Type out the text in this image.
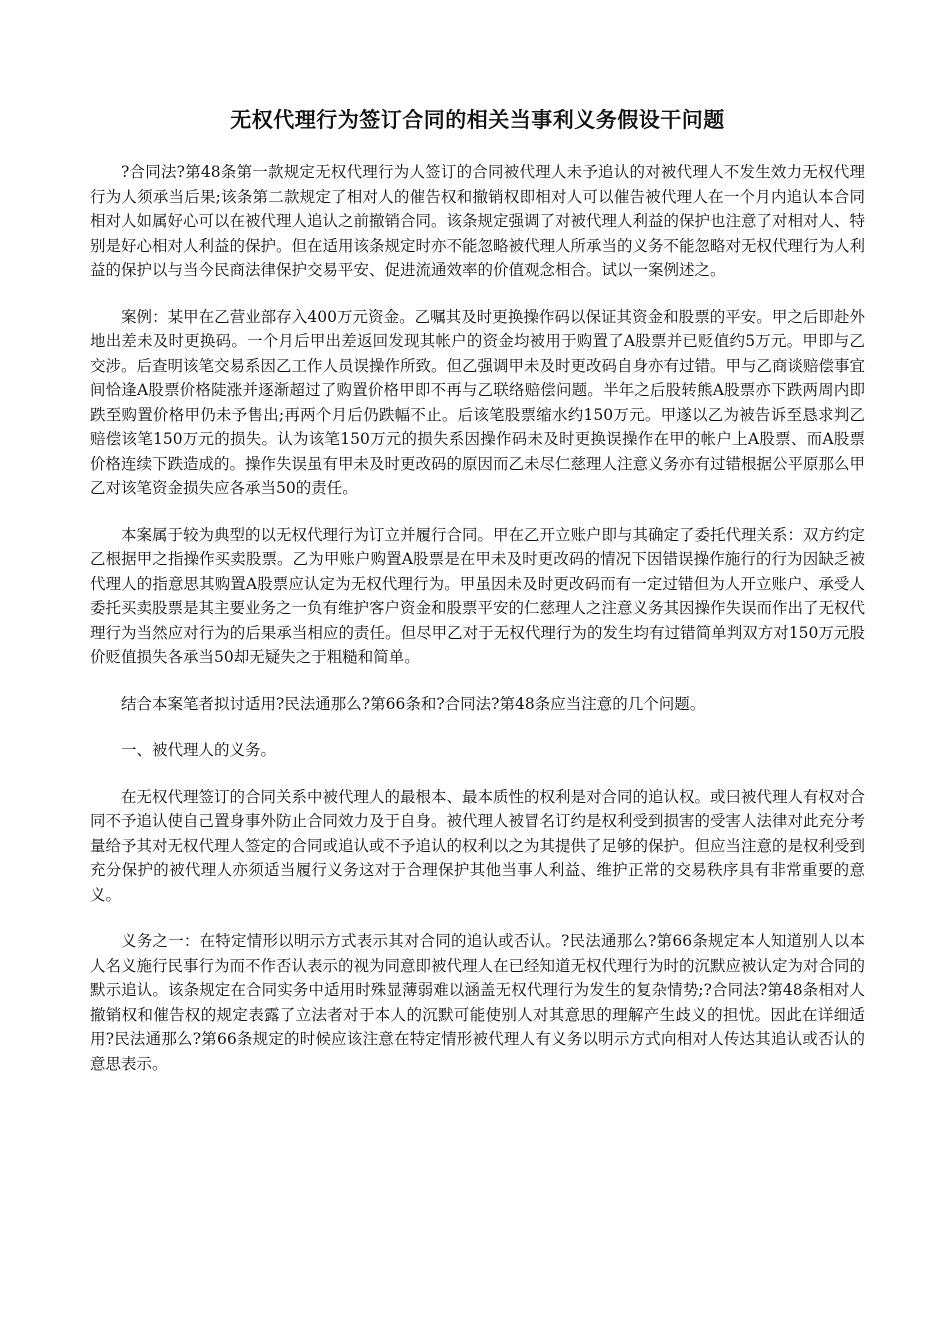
无权代理行为签订合同的相关当事利义务假设干问题

?合同法?第48条第一款规定无权代理行为人签订的合同被代理人未予追认的对被代理人不发生效力无权代理行为人须承当后果;该条第二款规定了相对人的催告权和撤销权即相对人可以催告被代理人在一个月内追认本合同相对人如属好心可以在被代理人追认之前撤销合同。该条规定强调了对被代理人利益的保护也注意了对相对人、特别是好心相对人利益的保护。但在适用该条规定时亦不能忽略被代理人所承当的义务不能忽略对无权代理行为人利益的保护以与当今民商法律保护交易平安、促进流通效率的价值观念相合。试以一案例述之。

案例：某甲在乙营业部存入400万元资金。乙嘱其及时更换操作码以保证其资金和股票的平安。甲之后即赴外地出差未及时更换码。一个月后甲出差返回发现其帐户的资金均被用于购置了A股票并已贬值约5万元。甲即与乙交涉。后查明该笔交易系因乙工作人员误操作所致。但乙强调甲未及时更改码自身亦有过错。甲与乙商谈赔偿事宜间恰逢A股票价格陡涨并逐渐超过了购置价格甲即不再与乙联络赔偿问题。半年之后股转熊A股票亦下跌两周内即跌至购置价格甲仍未予售出;再两个月后仍跌幅不止。后该笔股票缩水约150万元。甲遂以乙为被告诉至恳求判乙赔偿该笔150万元的损失。认为该笔150万元的损失系因操作码未及时更换误操作在甲的帐户上A股票、而A股票价格连续下跌造成的。操作失误虽有甲未及时更改码的原因而乙未尽仁慈理人注意义务亦有过错根据公平原那么甲乙对该笔资金损失应各承当50的责任。

本案属于较为典型的以无权代理行为订立并履行合同。甲在乙开立账户即与其确定了委托代理关系：双方约定乙根据甲之指操作买卖股票。乙为甲账户购置A股票是在甲未及时更改码的情况下因错误操作施行的行为因缺乏被代理人的指意思其购置A股票应认定为无权代理行为。甲虽因未及时更改码而有一定过错但为人开立账户、承受人委托买卖股票是其主要业务之一负有维护客户资金和股票平安的仁慈理人之注意义务其因操作失误而作出了无权代理行为当然应对行为的后果承当相应的责任。但尽甲乙对于无权代理行为的发生均有过错简单判双方对150万元股价贬值损失各承当50却无疑失之于粗糙和简单。

结合本案笔者拟讨适用?民法通那么?第66条和?合同法?第48条应当注意的几个问题。

一、被代理人的义务。

在无权代理签订的合同关系中被代理人的最根本、最本质性的权利是对合同的追认权。或曰被代理人有权对合同不予追认使自己置身事外防止合同效力及于自身。被代理人被冒名订约是权利受到损害的受害人法律对此充分考量给予其对无权代理人签定的合同或追认或不予追认的权利以之为其提供了足够的保护。但应当注意的是权利受到充分保护的被代理人亦须适当履行义务这对于合理保护其他当事人利益、维护正常的交易秩序具有非常重要的意义。

义务之一：在特定情形以明示方式表示其对合同的追认或否认。?民法通那么?第66条规定本人知道别人以本人名义施行民事行为而不作否认表示的视为同意即被代理人在已经知道无权代理行为时的沉默应被认定为对合同的默示追认。该条规定在合同实务中适用时殊显薄弱难以涵盖无权代理行为发生的复杂情势;?合同法?第48条相对人撤销权和催告权的规定表露了立法者对于本人的沉默可能使别人对其意思的理解产生歧义的担忧。因此在详细适用?民法通那么?第66条规定的时候应该注意在特定情形被代理人有义务以明示方式向相对人传达其追认或否认的意思表示。
